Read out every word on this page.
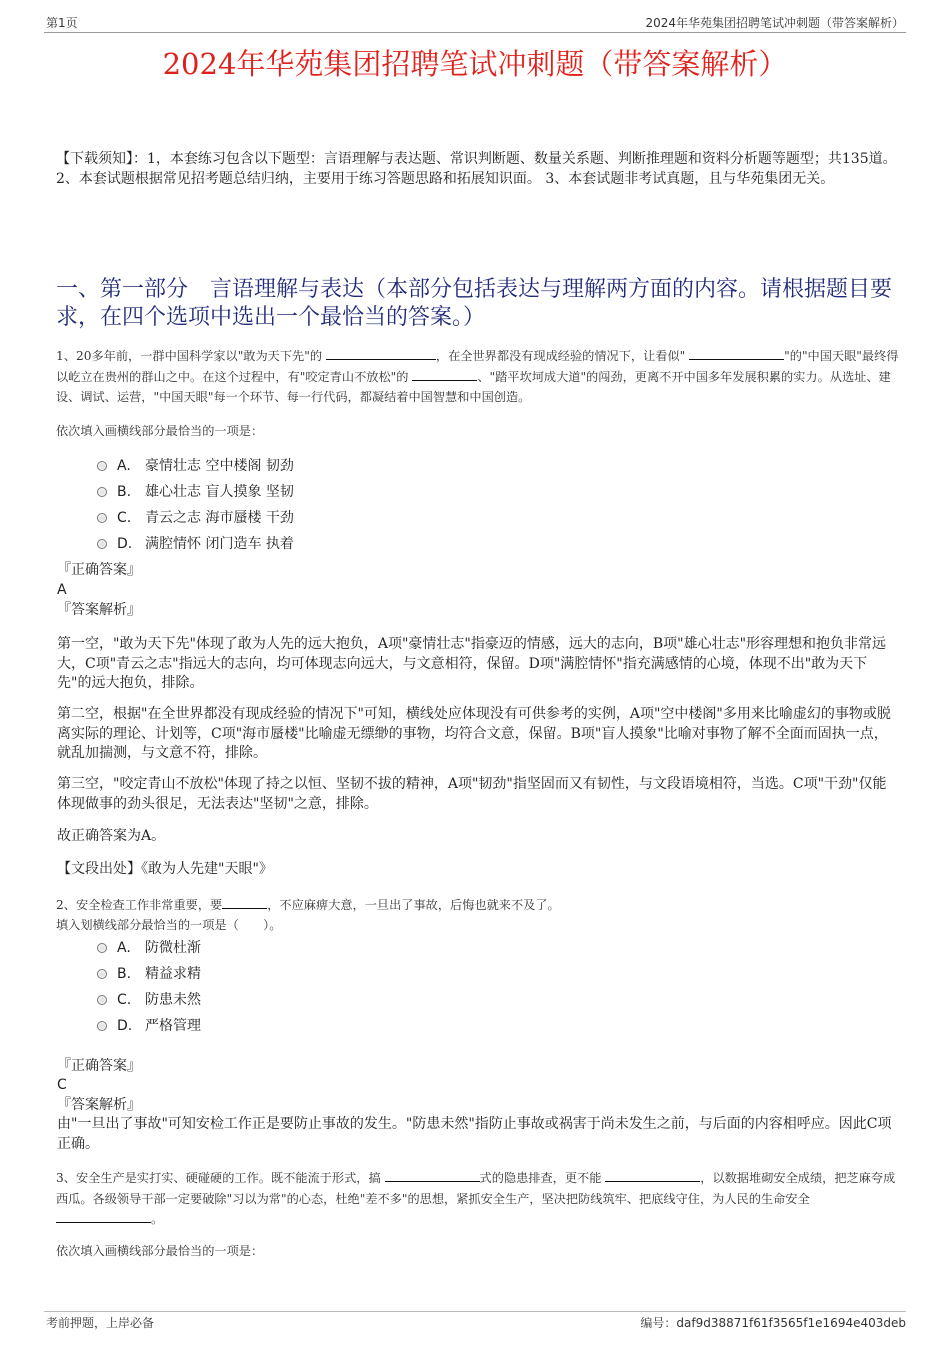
第1页	2024年华苑集团招聘笔试冲刺题（带答案解析）
2024年华苑集团招聘笔试冲刺题（带答案解析）
【下载须知】：1，本套练习包含以下题型：言语理解与表达题、常识判断题、数量关系题、判断推理题和资料分析题等题型；共135道。 2、本套试题根据常见招考题总结归纳，主要用于练习答题思路和拓展知识面。 3、本套试题非考试真题，且与华苑集团无关。
一、第一部分　言语理解与表达（本部分包括表达与理解两方面的内容。请根据题目要求，在四个选项中选出一个最恰当的答案。）
1、20多年前，一群中国科学家以"敢为天下先"的	，在全世界都没有现成经验的情况下，让看似"	"的"中国天眼"最终得以屹立在贵州的群山之中。在这个过程中，有"咬定青山不放松"的	、"踏平坎坷成大道"的闯劲，更离不开中国多年发展积累的实力。从选址、建设、调试、运营，"中国天眼"每一个环节、每一行代码，都凝结着中国智慧和中国创造。
依次填入画横线部分最恰当的一项是：
A. 豪情壮志 空中楼阁 韧劲
B. 雄心壮志 盲人摸象 坚韧
C. 青云之志 海市蜃楼 干劲
D. 满腔情怀 闭门造车 执着
『正确答案』
A
『答案解析』
第一空，"敢为天下先"体现了敢为人先的远大抱负，A项"豪情壮志"指豪迈的情感，远大的志向，B项"雄心壮志"形容理想和抱负非常远大，C项"青云之志"指远大的志向，均可体现志向远大，与文意相符，保留。D项"满腔情怀"指充满感情的心境，体现不出"敢为天下先"的远大抱负，排除。
第二空，根据"在全世界都没有现成经验的情况下"可知，横线处应体现没有可供参考的实例，A项"空中楼阁"多用来比喻虚幻的事物或脱离实际的理论、计划等，C项"海市蜃楼"比喻虚无缥缈的事物，均符合文意，保留。B项"盲人摸象"比喻对事物了解不全面而固执一点，就乱加揣测，与文意不符，排除。
第三空，"咬定青山不放松"体现了持之以恒、坚韧不拔的精神，A项"韧劲"指坚固而又有韧性，与文段语境相符，当选。C项"干劲"仅能体现做事的劲头很足，无法表达"坚韧"之意，排除。
故正确答案为A。
【文段出处】《敢为人先建"天眼"》
2、安全检查工作非常重要，要	，不应麻痹大意，一旦出了事故，后悔也就来不及了。
填入划横线部分最恰当的一项是（　　）。
A. 防微杜渐
B. 精益求精
C. 防患未然
D. 严格管理
『正确答案』
C
『答案解析』
由"一旦出了事故"可知安检工作正是要防止事故的发生。"防患未然"指防止事故或祸害于尚未发生之前，与后面的内容相呼应。因此C项正确。
3、安全生产是实打实、硬碰硬的工作。既不能流于形式，搞	式的隐患排查，更不能	，以数据堆砌安全成绩，把芝麻夸成西瓜。各级领导干部一定要破除"习以为常"的心态，杜绝"差不多"的思想，紧抓安全生产，坚决把防线筑牢、把底线守住，为人民的生命安全 。
依次填入画横线部分最恰当的一项是：
考前押题，上岸必备	编号：daf9d38871f61f3565f1e1694e403deb
